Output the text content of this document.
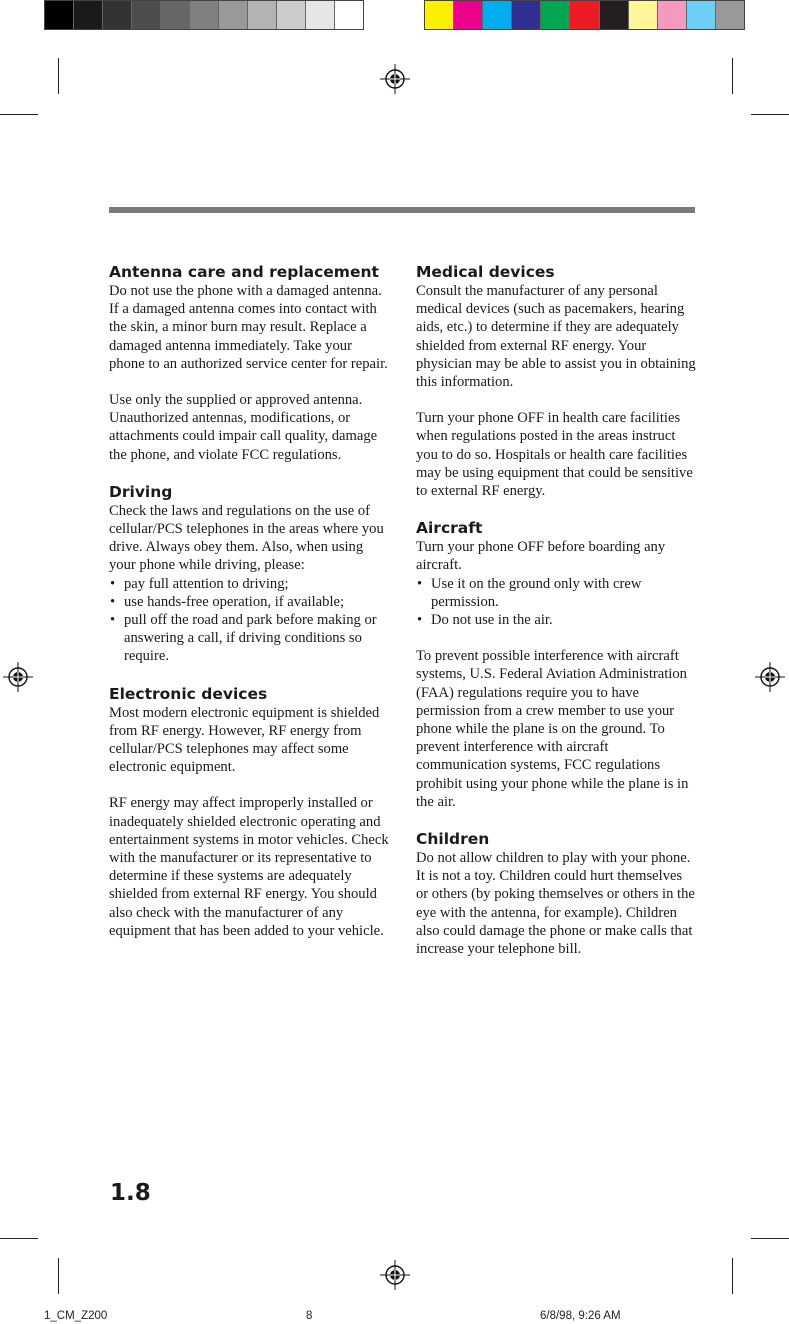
Antenna care and replacement

Do not use the phone with a damaged antenna. If a damaged antenna comes into contact with the skin, a minor burn may result. Replace a damaged antenna immediately. Take your phone to an authorized service center for repair.

Use only the supplied or approved antenna. Unauthorized antennas, modifications, or attachments could impair call quality, damage the phone, and violate FCC regulations.

Driving

Check the laws and regulations on the use of cellular/PCS telephones in the areas where you drive. Always obey them. Also, when using your phone while driving, please:

• pay full attention to driving;
• use hands-free operation, if available;
• pull off the road and park before making or answering a call, if driving conditions so require.
Electronic devices

Most modern electronic equipment is shielded from RF energy. However, RF energy from cellular/PCS telephones may affect some electronic equipment.

RF energy may affect improperly installed or inadequately shielded electronic operating and entertainment systems in motor vehicles. Check with the manufacturer or its representative to determine if these systems are adequately shielded from external RF energy. You should also check with the manufacturer of any equipment that has been added to your vehicle.

Medical devices

Consult the manufacturer of any personal medical devices (such as pacemakers, hearing aids, etc.) to determine if they are adequately shielded from external RF energy. Your physician may be able to assist you in obtaining this information.

Turn your phone OFF in health care facilities when regulations posted in the areas instruct you to do so. Hospitals or health care facilities may be using equipment that could be sensitive to external RF energy.

Aircraft

Turn your phone OFF before boarding any aircraft.

• Use it on the ground only with crew permission.
• Do not use in the air.

To prevent possible interference with aircraft systems, U.S. Federal Aviation Administration (FAA) regulations require you to have permission from a crew member to use your phone while the plane is on the ground. To prevent interference with aircraft communication systems, FCC regulations prohibit using your phone while the plane is in the air.

Children

Do not allow children to play with your phone. It is not a toy. Children could hurt themselves or others (by poking themselves or others in the eye with the antenna, for example). Children also could damage the phone or make calls that increase your telephone bill.

1.8
1_CM_Z200	8	6/8/98, 9:26 AM
